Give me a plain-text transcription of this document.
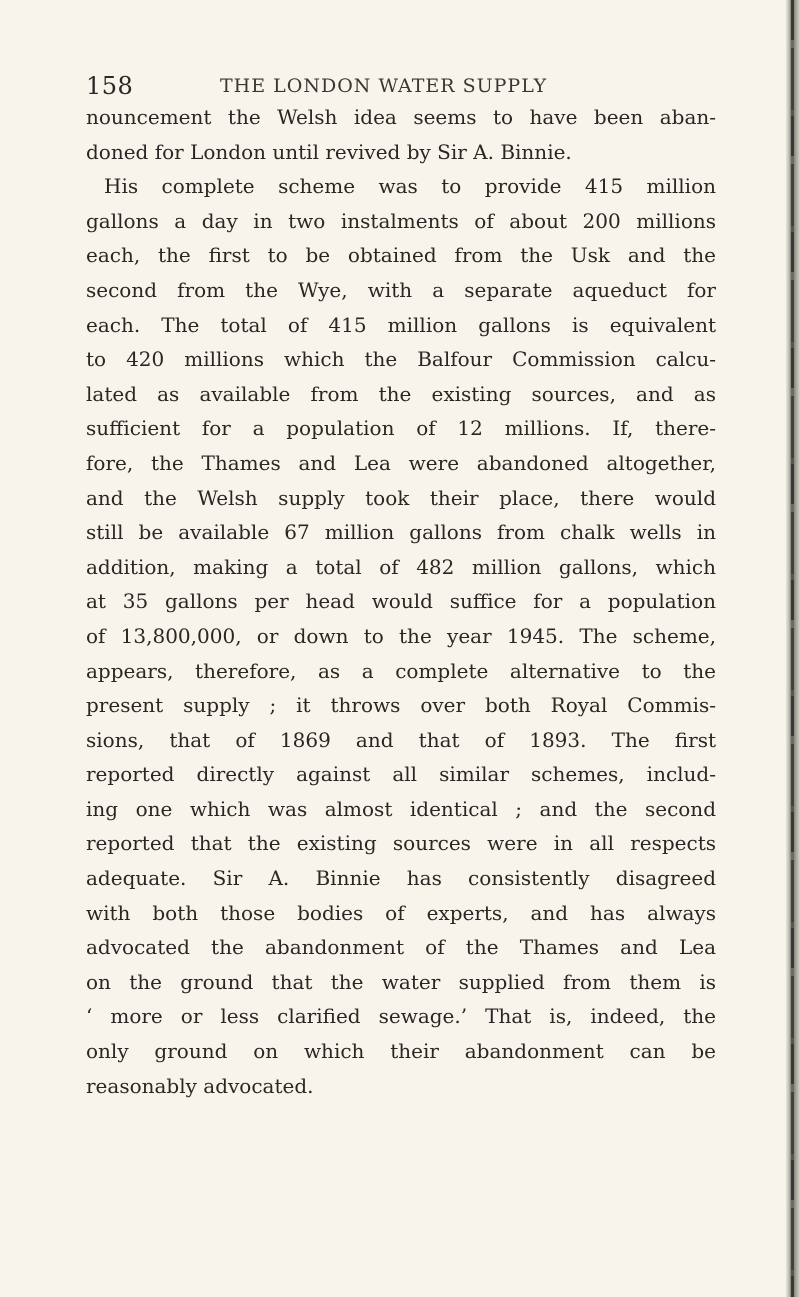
158	THE LONDON WATER SUPPLY
nouncement the Welsh idea seems to have been aban-
doned for London until revived by Sir A. Binnie.
His complete scheme was to provide 415 million
gallons a day in two instalments of about 200 millions
each, the first to be obtained from the Usk and the
second from the Wye, with a separate aqueduct for
each. The total of 415 million gallons is equivalent
to 420 millions which the Balfour Commission calcu-
lated as available from the existing sources, and as
sufficient for a population of 12 millions. If, there-
fore, the Thames and Lea were abandoned altogether,
and the Welsh supply took their place, there would
still be available 67 million gallons from chalk wells in
addition, making a total of 482 million gallons, which
at 35 gallons per head would suffice for a population
of 13,800,000, or down to the year 1945. The scheme,
appears, therefore, as a complete alternative to the
present supply ; it throws over both Royal Commis-
sions, that of 1869 and that of 1893. The first
reported directly against all similar schemes, includ-
ing one which was almost identical ; and the second
reported that the existing sources were in all respects
adequate. Sir A. Binnie has consistently disagreed
with both those bodies of experts, and has always
advocated the abandonment of the Thames and Lea
on the ground that the water supplied from them is
‘ more or less clarified sewage.’ That is, indeed, the
only ground on which their abandonment can be
reasonably advocated.
